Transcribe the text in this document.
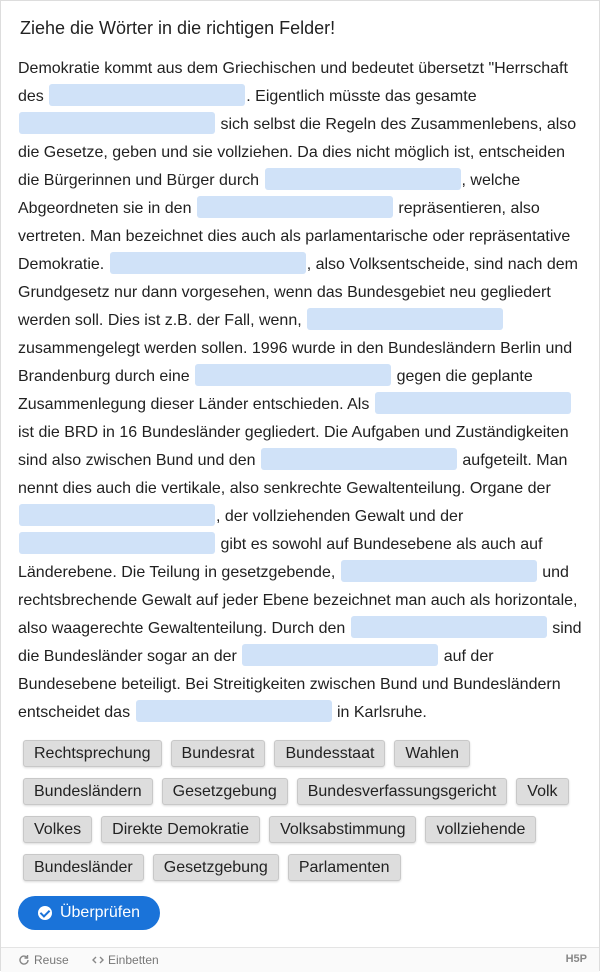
Ziehe die Wörter in die richtigen Felder!
Demokratie kommt aus dem Griechischen und bedeutet übersetzt "Herrschaft des	. Eigentlich müsste das gesamte  sich selbst die Regeln des Zusammenlebens, also die Gesetze, geben und sie vollziehen. Da dies nicht möglich ist, entscheiden die Bürgerinnen und Bürger durch	, welche Abgeordneten sie in den	repräsentieren, also vertreten. Man bezeichnet dies auch als parlamentarische oder repräsentative Demokratie.	, also Volksentscheide, sind nach dem Grundgesetz nur dann vorgesehen, wenn das Bundesgebiet neu gegliedert werden soll. Dies ist z.B. der Fall, wenn,  zusammengelegt werden sollen. 1996 wurde in den Bundesländern Berlin und Brandenburg durch eine	gegen die geplante Zusammenlegung dieser Länder entschieden. Als  ist die BRD in 16 Bundesländer gegliedert. Die Aufgaben und Zuständigkeiten sind also zwischen Bund und den	aufgeteilt. Man nennt dies auch die vertikale, also senkrechte Gewaltenteilung. Organe der , der vollziehenden Gewalt und der  gibt es sowohl auf Bundesebene als auch auf Länderebene. Die Teilung in gesetzgebende,	und rechtsbrechende Gewalt auf jeder Ebene bezeichnet man auch als horizontale, also waagerechte Gewaltenteilung. Durch den	sind die Bundesländer sogar an der	auf der Bundesebene beteiligt. Bei Streitigkeiten zwischen Bund und Bundesländern entscheidet das	in Karlsruhe.
Rechtsprechung	Bundesrat	Bundesstaat	Wahlen
Bundesländern	Gesetzgebung	Bundesverfassungsgericht	Volk
Volkes	Direkte Demokratie	Volksabstimmung	vollziehende
Bundesländer	Gesetzgebung	Parlamenten
Überprüfen
Reuse	Einbetten	H5P
